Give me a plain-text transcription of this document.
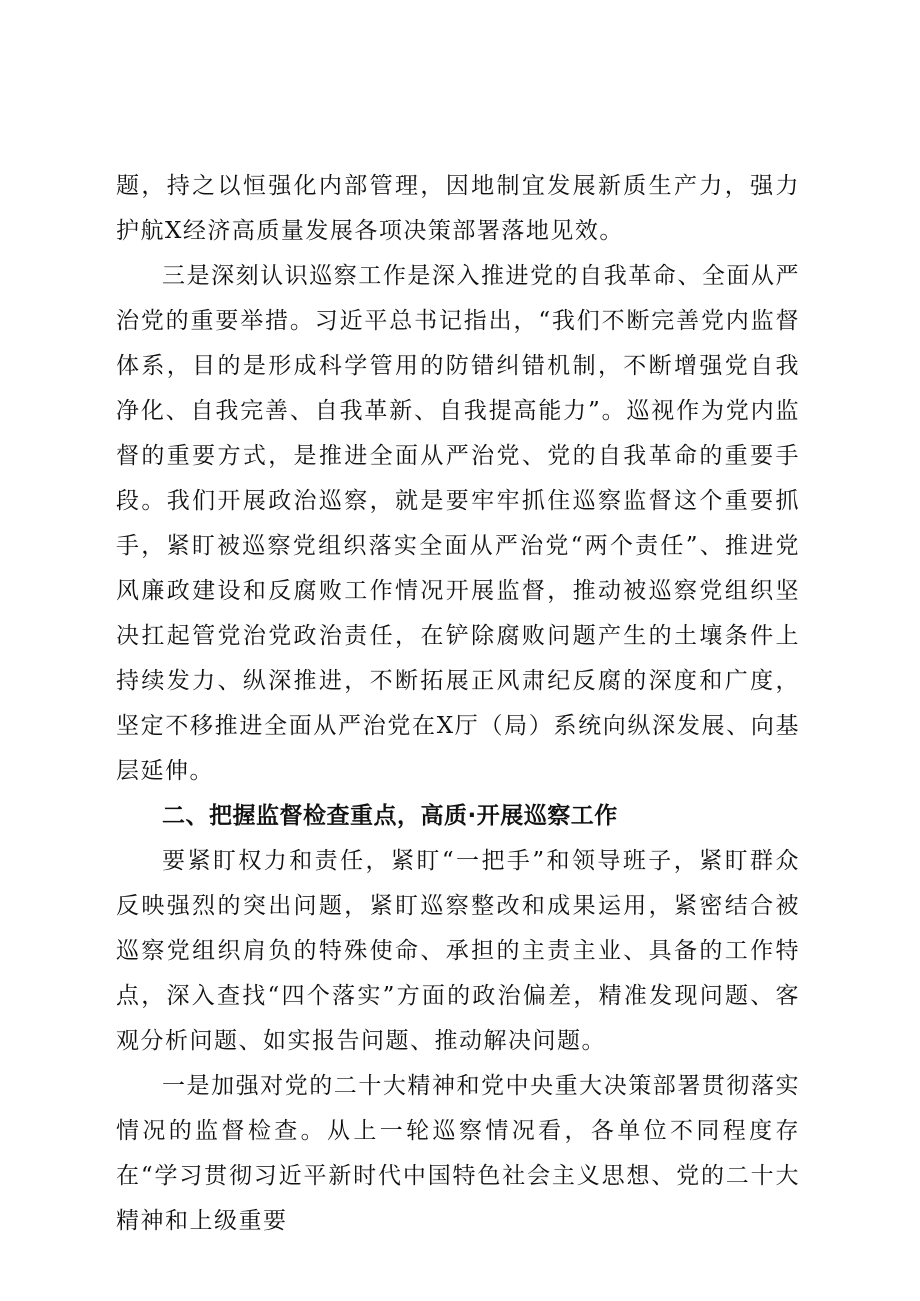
题，持之以恒强化内部管理，因地制宜发展新质生产力，强力护航X经济高质量发展各项决策部署落地见效。

三是深刻认识巡察工作是深入推进党的自我革命、全面从严治党的重要举措。习近平总书记指出，“我们不断完善党内监督体系，目的是形成科学管用的防错纠错机制，不断增强党自我净化、自我完善、自我革新、自我提高能力”。巡视作为党内监督的重要方式，是推进全面从严治党、党的自我革命的重要手段。我们开展政治巡察，就是要牢牢抓住巡察监督这个重要抓手，紧盯被巡察党组织落实全面从严治党“两个责任”、推进党风廉政建设和反腐败工作情况开展监督，推动被巡察党组织坚决扛起管党治党政治责任，在铲除腐败问题产生的土壤条件上持续发力、纵深推进，不断拓展正风肃纪反腐的深度和广度，坚定不移推进全面从严治党在X厅（局）系统向纵深发展、向基层延伸。

二、把握监督检查重点，高质·开展巡察工作

要紧盯权力和责任，紧盯“一把手”和领导班子，紧盯群众反映强烈的突出问题，紧盯巡察整改和成果运用，紧密结合被巡察党组织肩负的特殊使命、承担的主责主业、具备的工作特点，深入查找“四个落实”方面的政治偏差，精准发现问题、客观分析问题、如实报告问题、推动解决问题。

一是加强对党的二十大精神和党中央重大决策部署贯彻落实情况的监督检查。从上一轮巡察情况看，各单位不同程度存在“学习贯彻习近平新时代中国特色社会主义思想、党的二十大精神和上级重要
